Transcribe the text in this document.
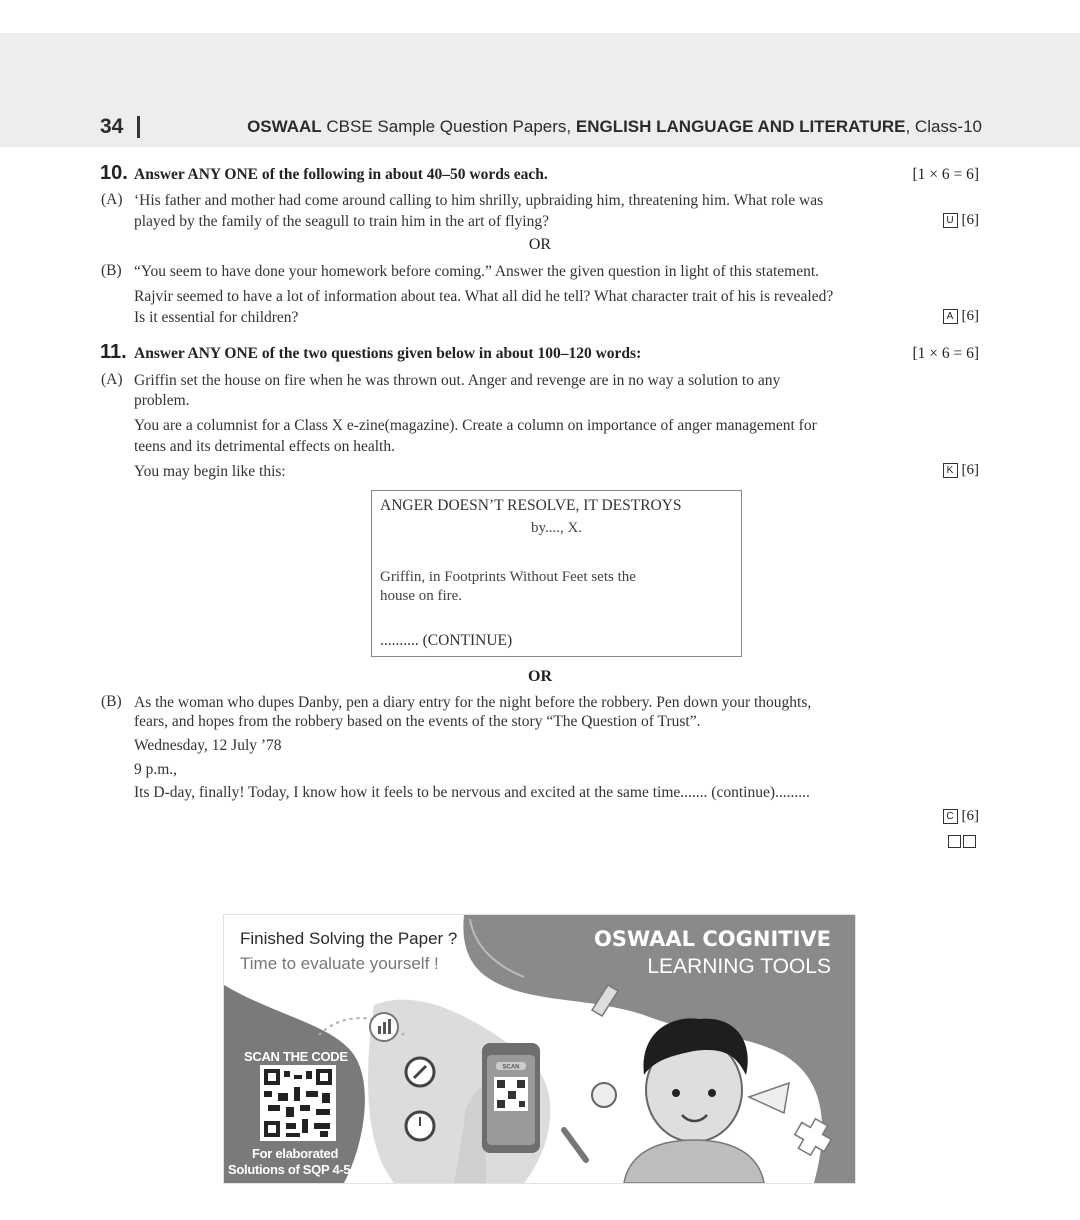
34	OSWAAL CBSE Sample Question Papers, ENGLISH LANGUAGE AND LITERATURE, Class-10
10. Answer ANY ONE of the following in about 40–50 words each.	[1 × 6 = 6]
(A) ‘His father and mother had come around calling to him shrilly, upbraiding him, threatening him. What role was
played by the family of the seagull to train him in the art of flying?	U [6]
OR
(B) “You seem to have done your homework before coming.” Answer the given question in light of this statement.
Rajvir seemed to have a lot of information about tea. What all did he tell? What character trait of his is revealed?
Is it essential for children?	A [6]
11. Answer ANY ONE of the two questions given below in about 100–120 words:	[1 × 6 = 6]
(A) Griffin set the house on fire when he was thrown out. Anger and revenge are in no way a solution to any
problem.
You are a columnist for a Class X e-zine(magazine). Create a column on importance of anger management for
teens and its detrimental effects on health.
You may begin like this:	K [6]
ANGER DOESN’T RESOLVE, IT DESTROYS
by...., X.
Griffin, in Footprints Without Feet sets the
house on fire.
.......... (CONTINUE)
OR
(B) As the woman who dupes Danby, pen a diary entry for the night before the robbery. Pen down your thoughts,
fears, and hopes from the robbery based on the events of the story “The Question of Trust”.
Wednesday, 12 July ’78
9 p.m.,
Its D-day, finally! Today, I know how it feels to be nervous and excited at the same time....... (continue).........
C [6]
SCAN
Finished Solving the Paper ?
Time to evaluate yourself !
OSWAAL COGNITIVE
LEARNING TOOLS
SCAN THE CODE
For elaborated
Solutions of SQP 4-5
